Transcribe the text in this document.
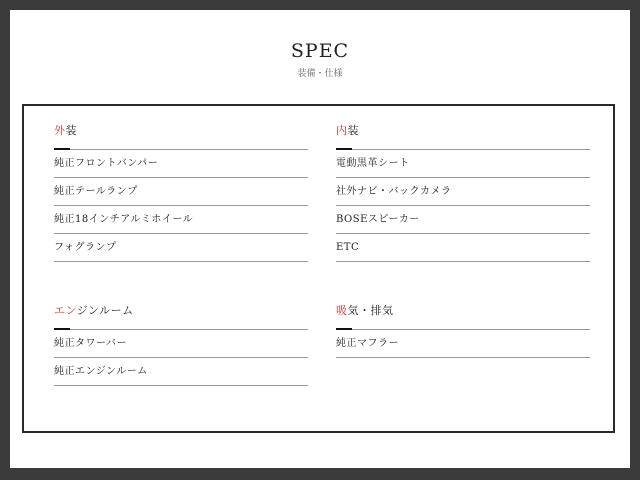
SPEC
装備・仕様
外装
純正フロントバンパー
純正テールランプ
純正18インチアルミホイール
フォグランプ
内装
電動黒革シート
社外ナビ・バックカメラ
BOSEスピーカー
ETC
エンジンルーム
純正タワーバー
純正エンジンルーム
吸気・排気
純正マフラー
